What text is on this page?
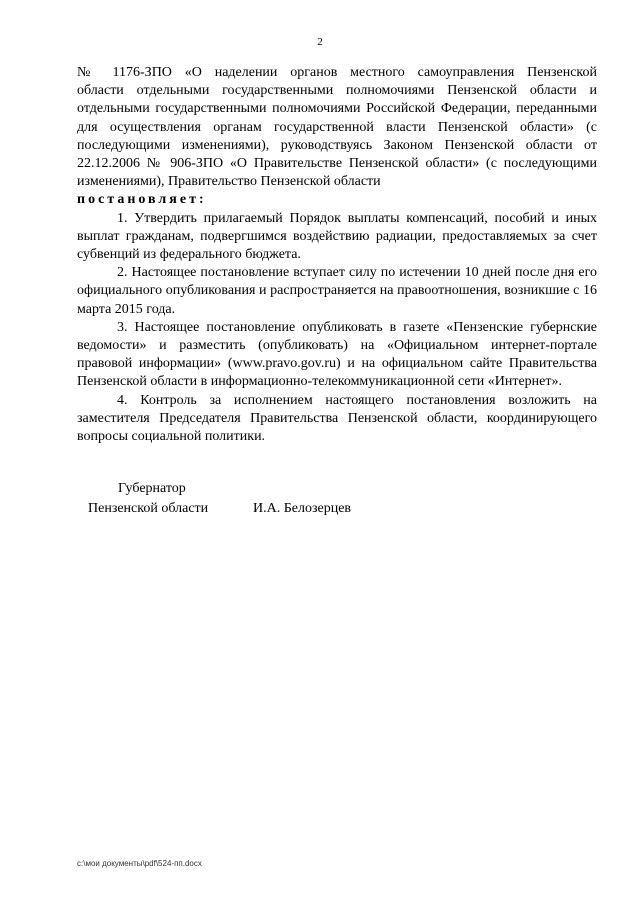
2

№ 1176-ЗПО «О наделении органов местного самоуправления Пензенской

области отдельными государственными полномочиями Пензенской области и отдельными государственными полномочиями Российской Федерации, переданными для осуществления органам государственной власти Пензенской области» (с последующими изменениями), руководствуясь Законом Пензенской области от 22.12.2006 № 906-ЗПО «О Правительстве Пензенской области» (с последующими изменениями), Правительство Пензенской области

постановляет:

1. Утвердить прилагаемый Порядок выплаты компенсаций, пособий и иных выплат гражданам, подвергшимся воздействию радиации, предоставляемых за счет субвенций из федерального бюджета.

2. Настоящее постановление вступает силу по истечении 10 дней после дня его официального опубликования и распространяется на правоотношения, возникшие с 16 марта 2015 года.

3. Настоящее постановление опубликовать в газете «Пензенские губернские ведомости» и разместить (опубликовать) на «Официальном интернет-портале правовой информации» (www.pravo.gov.ru) и на официальном сайте Правительства Пензенской области в информационно-телекоммуникационной сети «Интернет».

4. Контроль за исполнением настоящего постановления возложить на заместителя Председателя Правительства Пензенской области, координирующего вопросы социальной политики.

Губернатор
Пензенской области	И.А. Белозерцев
c:\мои документы\pdf\524-пп.docx
